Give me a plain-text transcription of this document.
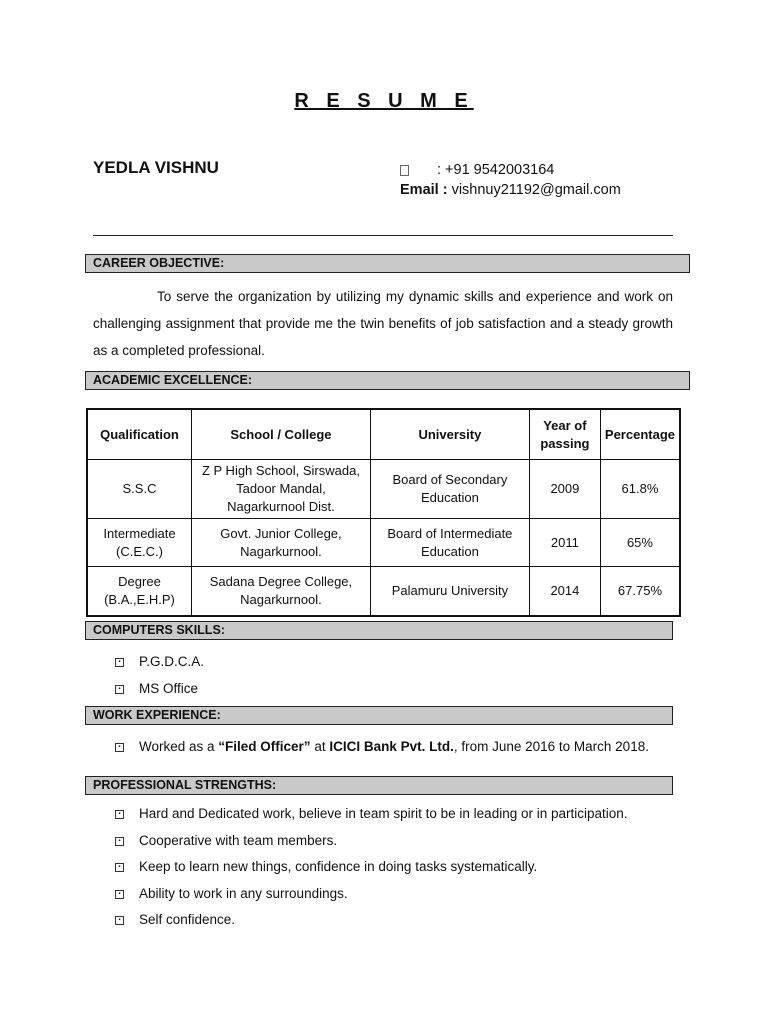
R E S U M E
YEDLA VISHNU	: +91 9542003164
Email : vishnuy21192@gmail.com
CAREER OBJECTIVE:
To serve the organization by utilizing my dynamic skills and experience and work on challenging assignment that provide me the twin benefits of job satisfaction and a steady growth as a completed professional.
ACADEMIC EXCELLENCE:
Qualification	School / College	University	Year of passing	Percentage
S.S.C	Z P High School, Sirswada, Tadoor Mandal, Nagarkurnool Dist.	Board of Secondary Education	2009	61.8%
Intermediate (C.E.C.)	Govt. Junior College, Nagarkurnool.	Board of Intermediate Education	2011	65%
Degree (B.A.,E.H.P)	Sadana Degree College, Nagarkurnool.	Palamuru University	2014	67.75%
COMPUTERS SKILLS:
▪ P.G.D.C.A.
▪ MS Office
WORK EXPERIENCE:
▪ Worked as a “Filed Officer” at ICICI Bank Pvt. Ltd., from June 2016 to March 2018.
PROFESSIONAL STRENGTHS:
▪ Hard and Dedicated work, believe in team spirit to be in leading or in participation.
▪ Cooperative with team members.
▪ Keep to learn new things, confidence in doing tasks systematically.
▪ Ability to work in any surroundings.
▪ Self confidence.
